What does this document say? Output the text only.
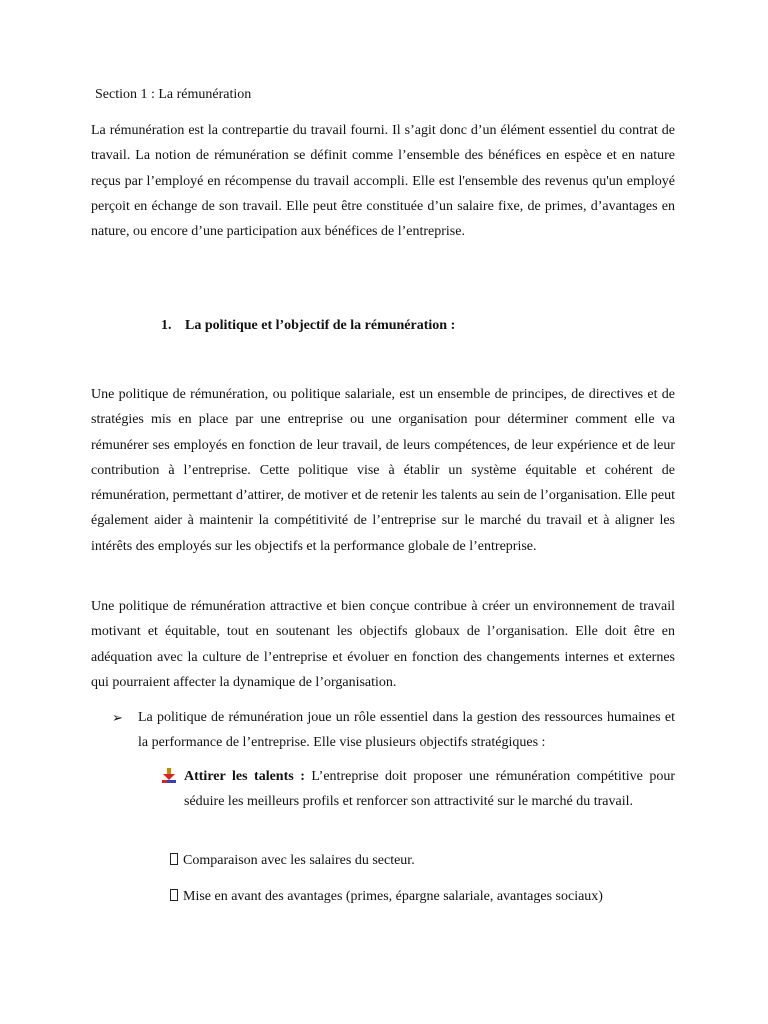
Section 1 : La rémunération

La rémunération est la contrepartie du travail fourni. Il s’agit donc d’un élément essentiel du contrat de travail. La notion de rémunération se définit comme l’ensemble des bénéfices en espèce et en nature reçus par l’employé en récompense du travail accompli. Elle est l'ensemble des revenus qu'un employé perçoit en échange de son travail. Elle peut être constituée d’un salaire fixe, de primes, d’avantages en nature, ou encore d’une participation aux bénéfices de l’entreprise.

1. La politique et l’objectif de la rémunération :

Une politique de rémunération, ou politique salariale, est un ensemble de principes, de directives et de stratégies mis en place par une entreprise ou une organisation pour déterminer comment elle va rémunérer ses employés en fonction de leur travail, de leurs compétences, de leur expérience et de leur contribution à l’entreprise. Cette politique vise à établir un système équitable et cohérent de rémunération, permettant d’attirer, de motiver et de retenir les talents au sein de l’organisation. Elle peut également aider à maintenir la compétitivité de l’entreprise sur le marché du travail et à aligner les intérêts des employés sur les objectifs et la performance globale de l’entreprise.

Une politique de rémunération attractive et bien conçue contribue à créer un environnement de travail motivant et équitable, tout en soutenant les objectifs globaux de l’organisation. Elle doit être en adéquation avec la culture de l’entreprise et évoluer en fonction des changements internes et externes qui pourraient affecter la dynamique de l’organisation.

➢	La politique de rémunération joue un rôle essentiel dans la gestion des ressources humaines et la performance de l’entreprise. Elle vise plusieurs objectifs stratégiques :
Attirer les talents : L’entreprise doit proposer une rémunération compétitive pour séduire les meilleurs profils et renforcer son attractivité sur le marché du travail.
Comparaison avec les salaires du secteur.
Mise en avant des avantages (primes, épargne salariale, avantages sociaux)
